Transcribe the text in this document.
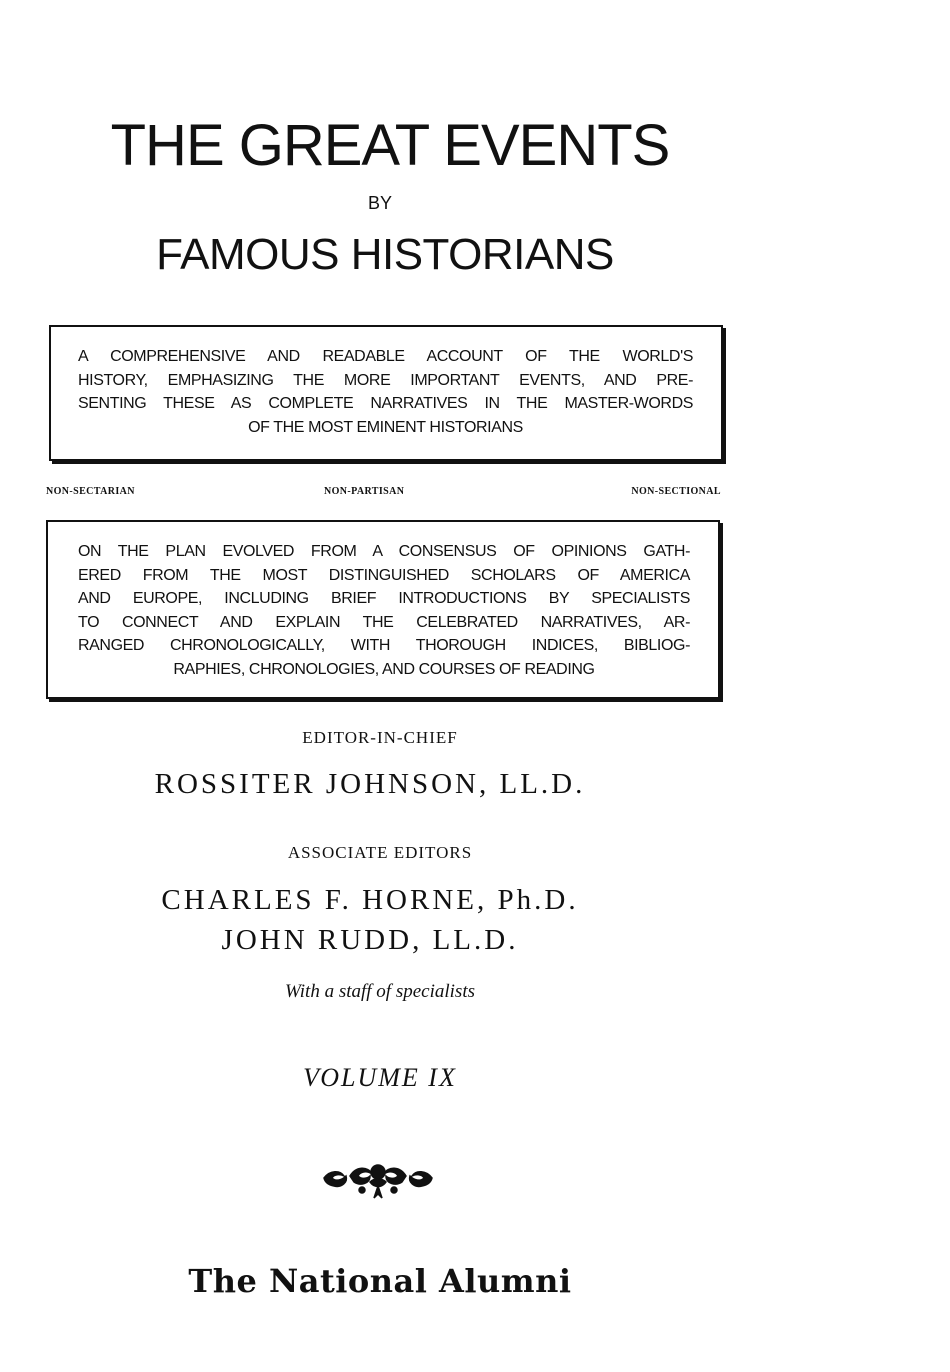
THE GREAT EVENTS
BY
FAMOUS HISTORIANS

A COMPREHENSIVE AND READABLE ACCOUNT OF THE WORLD'S

HISTORY, EMPHASIZING THE MORE IMPORTANT EVENTS, AND PRE-

SENTING THESE AS COMPLETE NARRATIVES IN THE MASTER-WORDS

OF THE MOST EMINENT HISTORIANS

NON-SECTARIAN	NON-PARTISAN	NON-SECTIONAL

ON THE PLAN EVOLVED FROM A CONSENSUS OF OPINIONS GATH-

ERED FROM THE MOST DISTINGUISHED SCHOLARS OF AMERICA

AND EUROPE, INCLUDING BRIEF INTRODUCTIONS BY SPECIALISTS

TO CONNECT AND EXPLAIN THE CELEBRATED NARRATIVES, AR-

RANGED CHRONOLOGICALLY, WITH THOROUGH INDICES, BIBLIOG-

RAPHIES, CHRONOLOGIES, AND COURSES OF READING

EDITOR-IN-CHIEF
ROSSITER JOHNSON, LL.D.
ASSOCIATE EDITORS
CHARLES F. HORNE, Ph.D.
JOHN RUDD, LL.D.
With a staff of specialists
VOLUME IX
The National Alumni
